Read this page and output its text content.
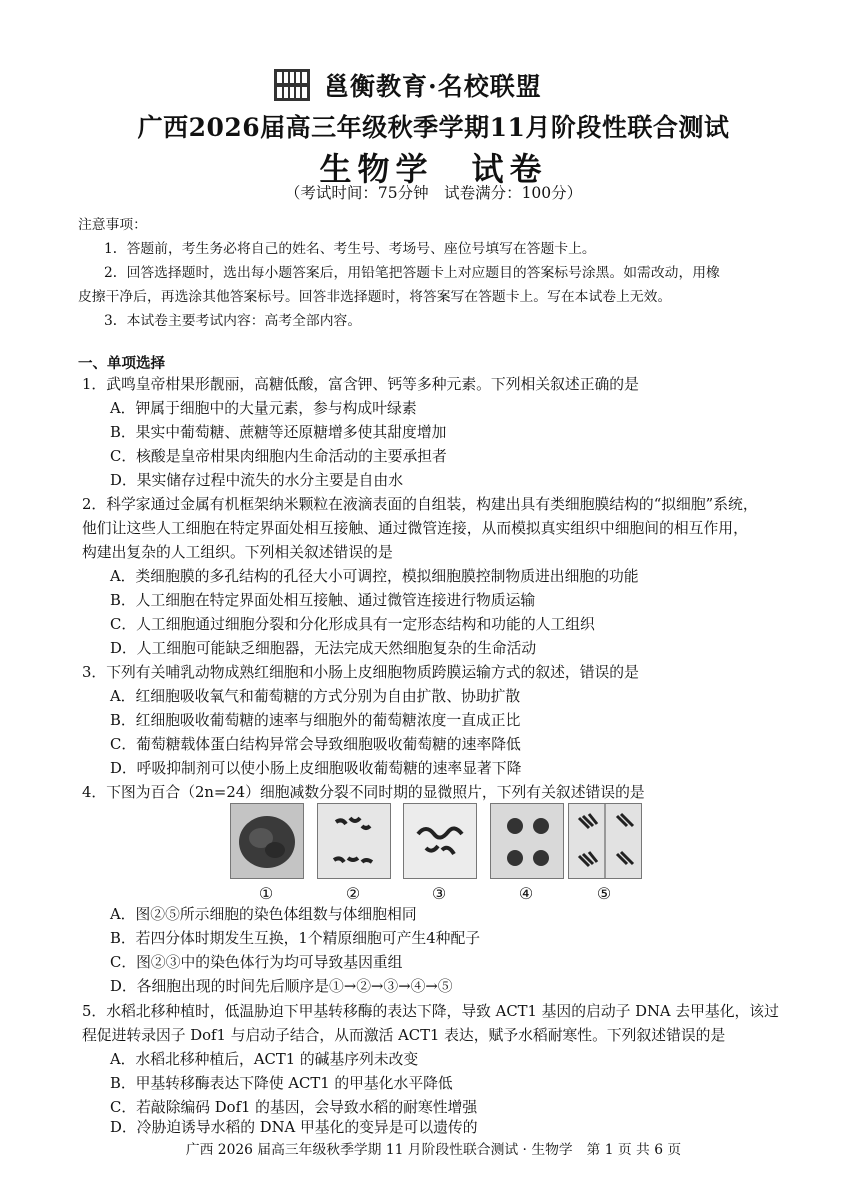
邕衡教育·名校联盟
广西2026届高三年级秋季学期11月阶段性联合测试
生物学　试卷
（考试时间：75分钟　试卷满分：100分）
注意事项：
1．答题前，考生务必将自己的姓名、考生号、考场号、座位号填写在答题卡上。
2．回答选择题时，选出每小题答案后，用铅笔把答题卡上对应题目的答案标号涂黑。如需改动，用橡
皮擦干净后，再选涂其他答案标号。回答非选择题时，将答案写在答题卡上。写在本试卷上无效。
3．本试卷主要考试内容：高考全部内容。
一、单项选择
1．武鸣皇帝柑果形靓丽，高糖低酸，富含钾、钙等多种元素。下列相关叙述正确的是
A．钾属于细胞中的大量元素，参与构成叶绿素
B．果实中葡萄糖、蔗糖等还原糖增多使其甜度增加
C．核酸是皇帝柑果肉细胞内生命活动的主要承担者
D．果实储存过程中流失的水分主要是自由水
2．科学家通过金属有机框架纳米颗粒在液滴表面的自组装，构建出具有类细胞膜结构的“拟细胞”系统，
他们让这些人工细胞在特定界面处相互接触、通过微管连接，从而模拟真实组织中细胞间的相互作用，
构建出复杂的人工组织。下列相关叙述错误的是
A．类细胞膜的多孔结构的孔径大小可调控，模拟细胞膜控制物质进出细胞的功能
B．人工细胞在特定界面处相互接触、通过微管连接进行物质运输
C．人工细胞通过细胞分裂和分化形成具有一定形态结构和功能的人工组织
D．人工细胞可能缺乏细胞器，无法完成天然细胞复杂的生命活动
3．下列有关哺乳动物成熟红细胞和小肠上皮细胞物质跨膜运输方式的叙述，错误的是
A．红细胞吸收氧气和葡萄糖的方式分别为自由扩散、协助扩散
B．红细胞吸收葡萄糖的速率与细胞外的葡萄糖浓度一直成正比
C．葡萄糖载体蛋白结构异常会导致细胞吸收葡萄糖的速率降低
D．呼吸抑制剂可以使小肠上皮细胞吸收葡萄糖的速率显著下降
4．下图为百合（2n=24）细胞减数分裂不同时期的显微照片，下列有关叙述错误的是
①	②	③	④	⑤
A．图②⑤所示细胞的染色体组数与体细胞相同
B．若四分体时期发生互换，1个精原细胞可产生4种配子
C．图②③中的染色体行为均可导致基因重组
D．各细胞出现的时间先后顺序是①→②→③→④→⑤
5．水稻北移种植时，低温胁迫下甲基转移酶的表达下降，导致 ACT1 基因的启动子 DNA 去甲基化，该过
程促进转录因子 Dof1 与启动子结合，从而激活 ACT1 表达，赋予水稻耐寒性。下列叙述错误的是
A．水稻北移种植后，ACT1 的碱基序列未改变
B．甲基转移酶表达下降使 ACT1 的甲基化水平降低
C．若敲除编码 Dof1 的基因，会导致水稻的耐寒性增强
D．冷胁迫诱导水稻的 DNA 甲基化的变异是可以遗传的
广西 2026 届高三年级秋季学期 11 月阶段性联合测试 · 生物学　第 1 页 共 6 页
